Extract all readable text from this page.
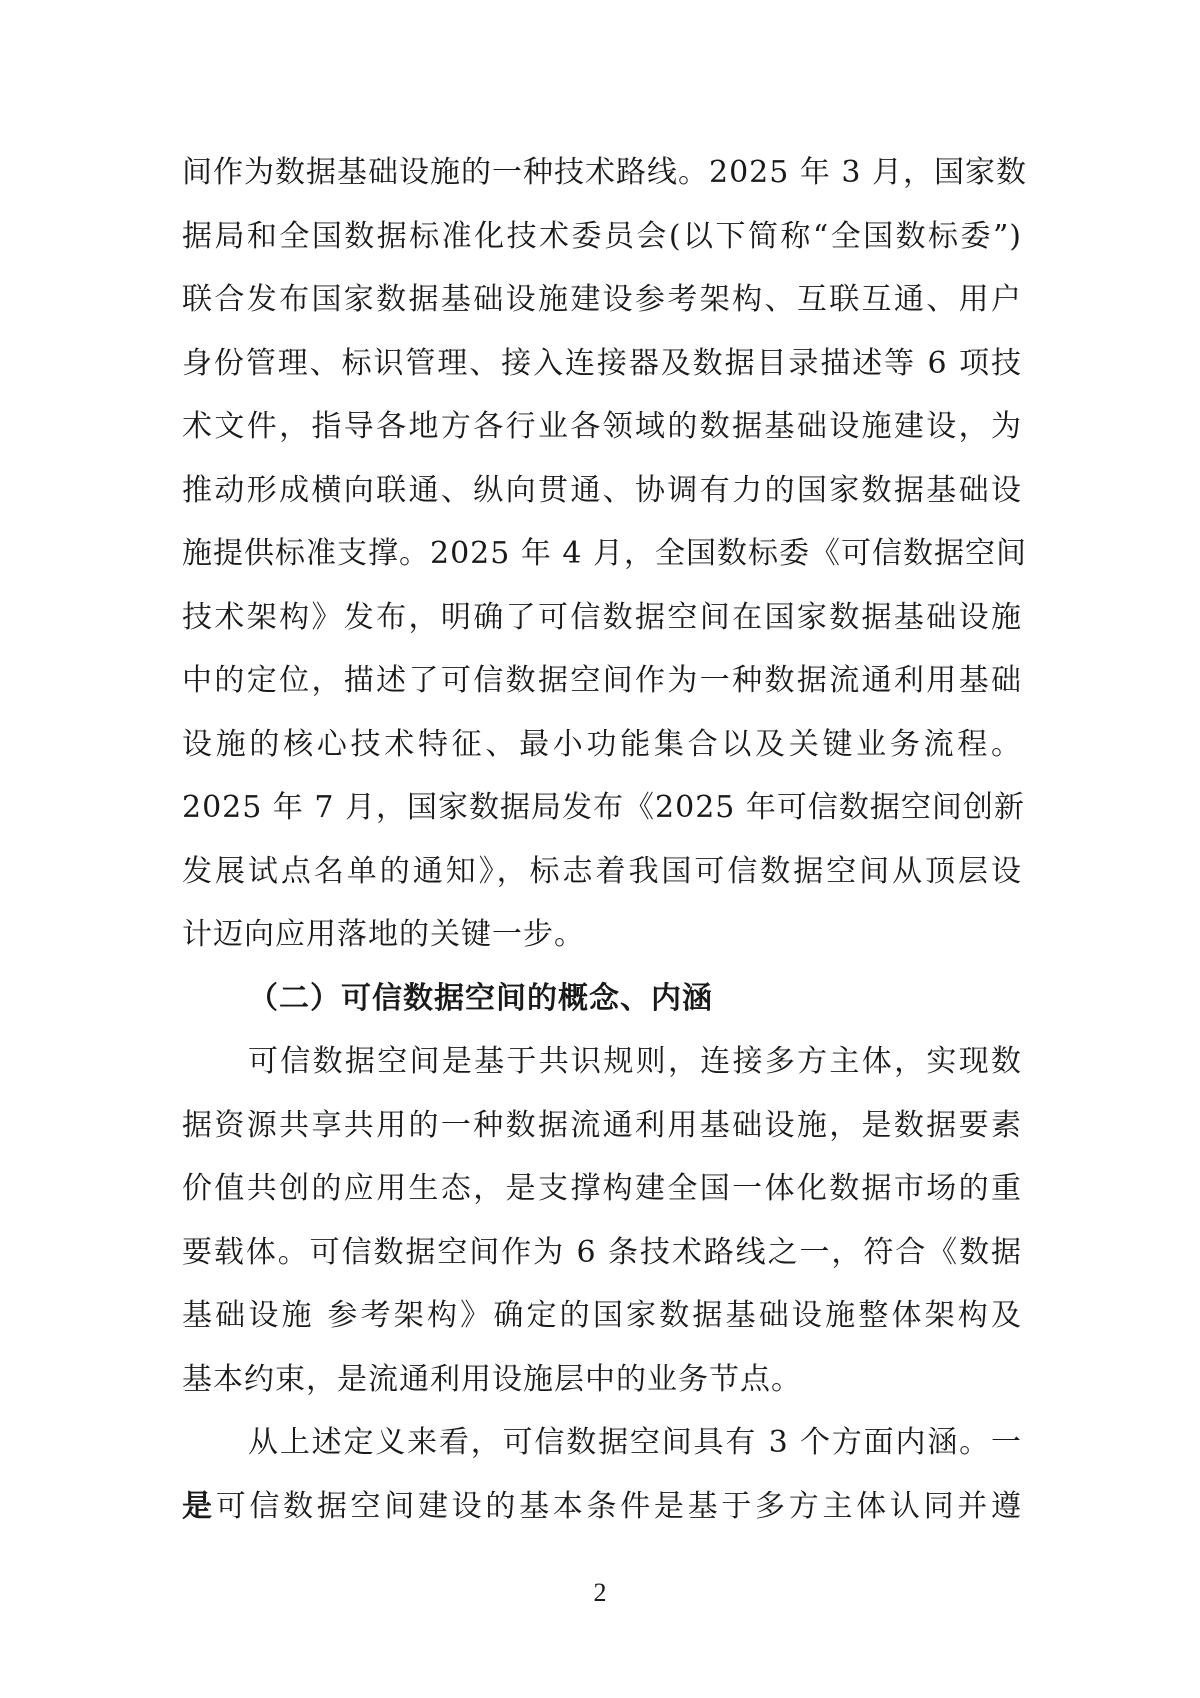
间作为数据基础设施的一种技术路线。2025 年 3 月，国家数
据局和全国数据标准化技术委员会(以下简称“全国数标委”)
联合发布国家数据基础设施建设参考架构、互联互通、用户
身份管理、标识管理、接入连接器及数据目录描述等 6 项技
术文件，指导各地方各行业各领域的数据基础设施建设，为
推动形成横向联通、纵向贯通、协调有力的国家数据基础设
施提供标准支撑。2025 年 4 月，全国数标委《可信数据空间
技术架构》发布，明确了可信数据空间在国家数据基础设施
中的定位，描述了可信数据空间作为一种数据流通利用基础
设施的核心技术特征、最小功能集合以及关键业务流程。
2025 年 7 月，国家数据局发布《2025 年可信数据空间创新
发展试点名单的通知》，标志着我国可信数据空间从顶层设
计迈向应用落地的关键一步。
（二）可信数据空间的概念、内涵
可信数据空间是基于共识规则，连接多方主体，实现数
据资源共享共用的一种数据流通利用基础设施，是数据要素
价值共创的应用生态，是支撑构建全国一体化数据市场的重
要载体。可信数据空间作为 6 条技术路线之一，符合《数据
基础设施 参考架构》确定的国家数据基础设施整体架构及
基本约束，是流通利用设施层中的业务节点。
从上述定义来看，可信数据空间具有 3 个方面内涵。一
是可信数据空间建设的基本条件是基于多方主体认同并遵
2
